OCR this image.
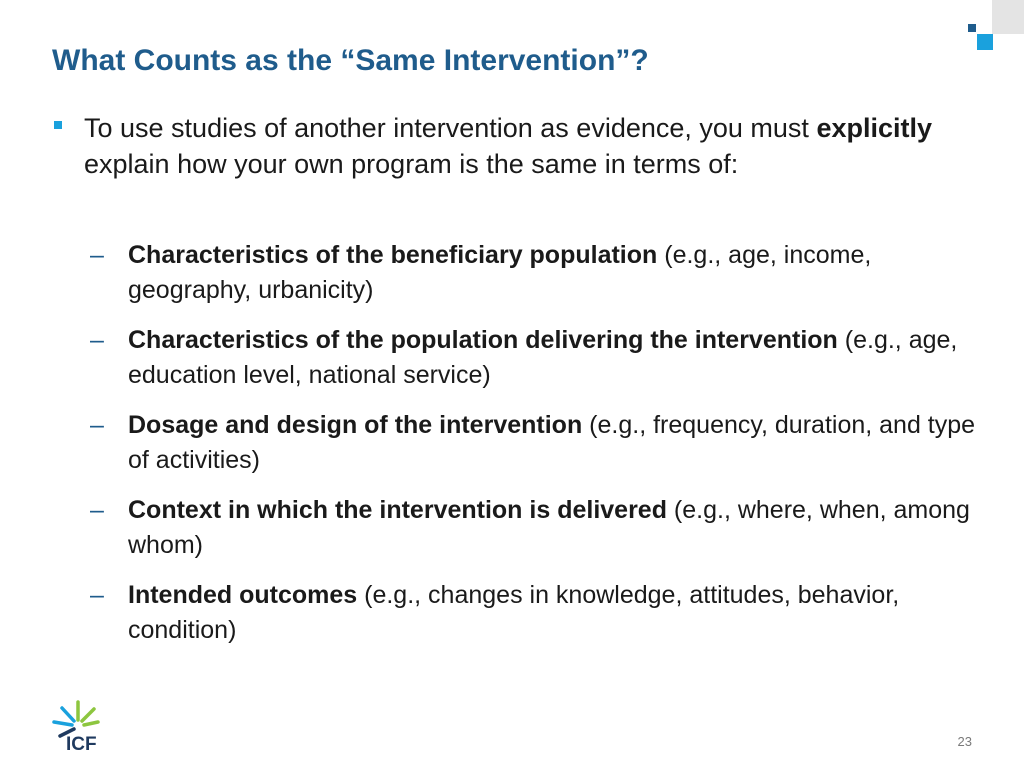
What Counts as the “Same Intervention”?
To use studies of another intervention as evidence, you must explicitly explain how your own program is the same in terms of:
– Characteristics of the beneficiary population (e.g., age, income, geography, urbanicity)
– Characteristics of the population delivering the intervention (e.g., age, education level, national service)
– Dosage and design of the intervention (e.g., frequency, duration, and type of activities)
– Context in which the intervention is delivered (e.g., where, when, among whom)
– Intended outcomes (e.g., changes in knowledge, attitudes, behavior, condition)
ICF	23
